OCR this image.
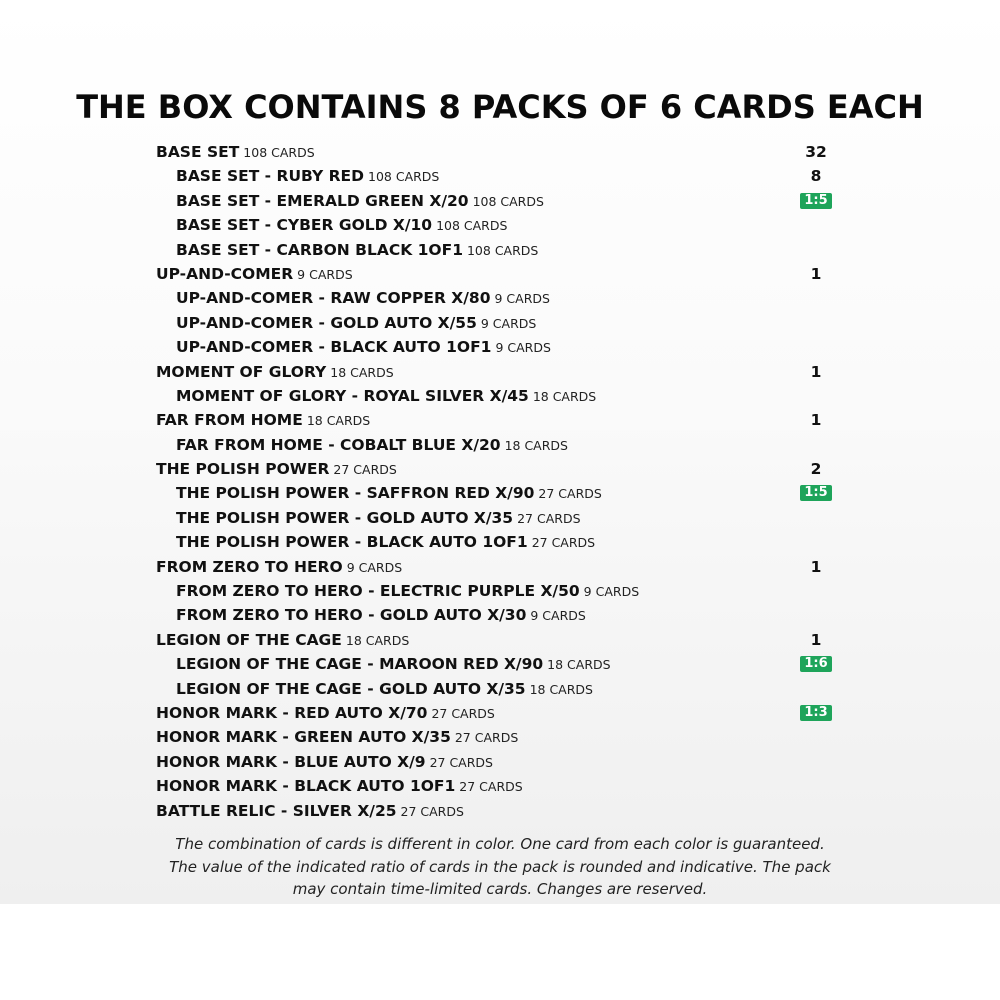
THE BOX CONTAINS 8 PACKS OF 6 CARDS EACH
BASE SET 108 CARDS	32
BASE SET - RUBY RED 108 CARDS	8
BASE SET - EMERALD GREEN X/20 108 CARDS	1:5
BASE SET - CYBER GOLD X/10 108 CARDS
BASE SET - CARBON BLACK 1OF1 108 CARDS
UP-AND-COMER 9 CARDS	1
UP-AND-COMER - RAW COPPER X/80 9 CARDS
UP-AND-COMER - GOLD AUTO X/55 9 CARDS
UP-AND-COMER - BLACK AUTO 1OF1 9 CARDS
MOMENT OF GLORY 18 CARDS	1
MOMENT OF GLORY - ROYAL SILVER X/45 18 CARDS
FAR FROM HOME 18 CARDS	1
FAR FROM HOME - COBALT BLUE X/20 18 CARDS
THE POLISH POWER 27 CARDS	2
THE POLISH POWER - SAFFRON RED X/90 27 CARDS	1:5
THE POLISH POWER - GOLD AUTO X/35 27 CARDS
THE POLISH POWER - BLACK AUTO 1OF1 27 CARDS
FROM ZERO TO HERO 9 CARDS	1
FROM ZERO TO HERO - ELECTRIC PURPLE X/50 9 CARDS
FROM ZERO TO HERO - GOLD AUTO X/30 9 CARDS
LEGION OF THE CAGE 18 CARDS	1
LEGION OF THE CAGE - MAROON RED X/90 18 CARDS	1:6
LEGION OF THE CAGE - GOLD AUTO X/35 18 CARDS
HONOR MARK - RED AUTO X/70 27 CARDS	1:3
HONOR MARK - GREEN AUTO X/35 27 CARDS
HONOR MARK - BLUE AUTO X/9 27 CARDS
HONOR MARK - BLACK AUTO 1OF1 27 CARDS
BATTLE RELIC - SILVER X/25 27 CARDS
The combination of cards is different in color. One card from each color is guaranteed.
The value of the indicated ratio of cards in the pack is rounded and indicative. The pack
may contain time-limited cards. Changes are reserved.
